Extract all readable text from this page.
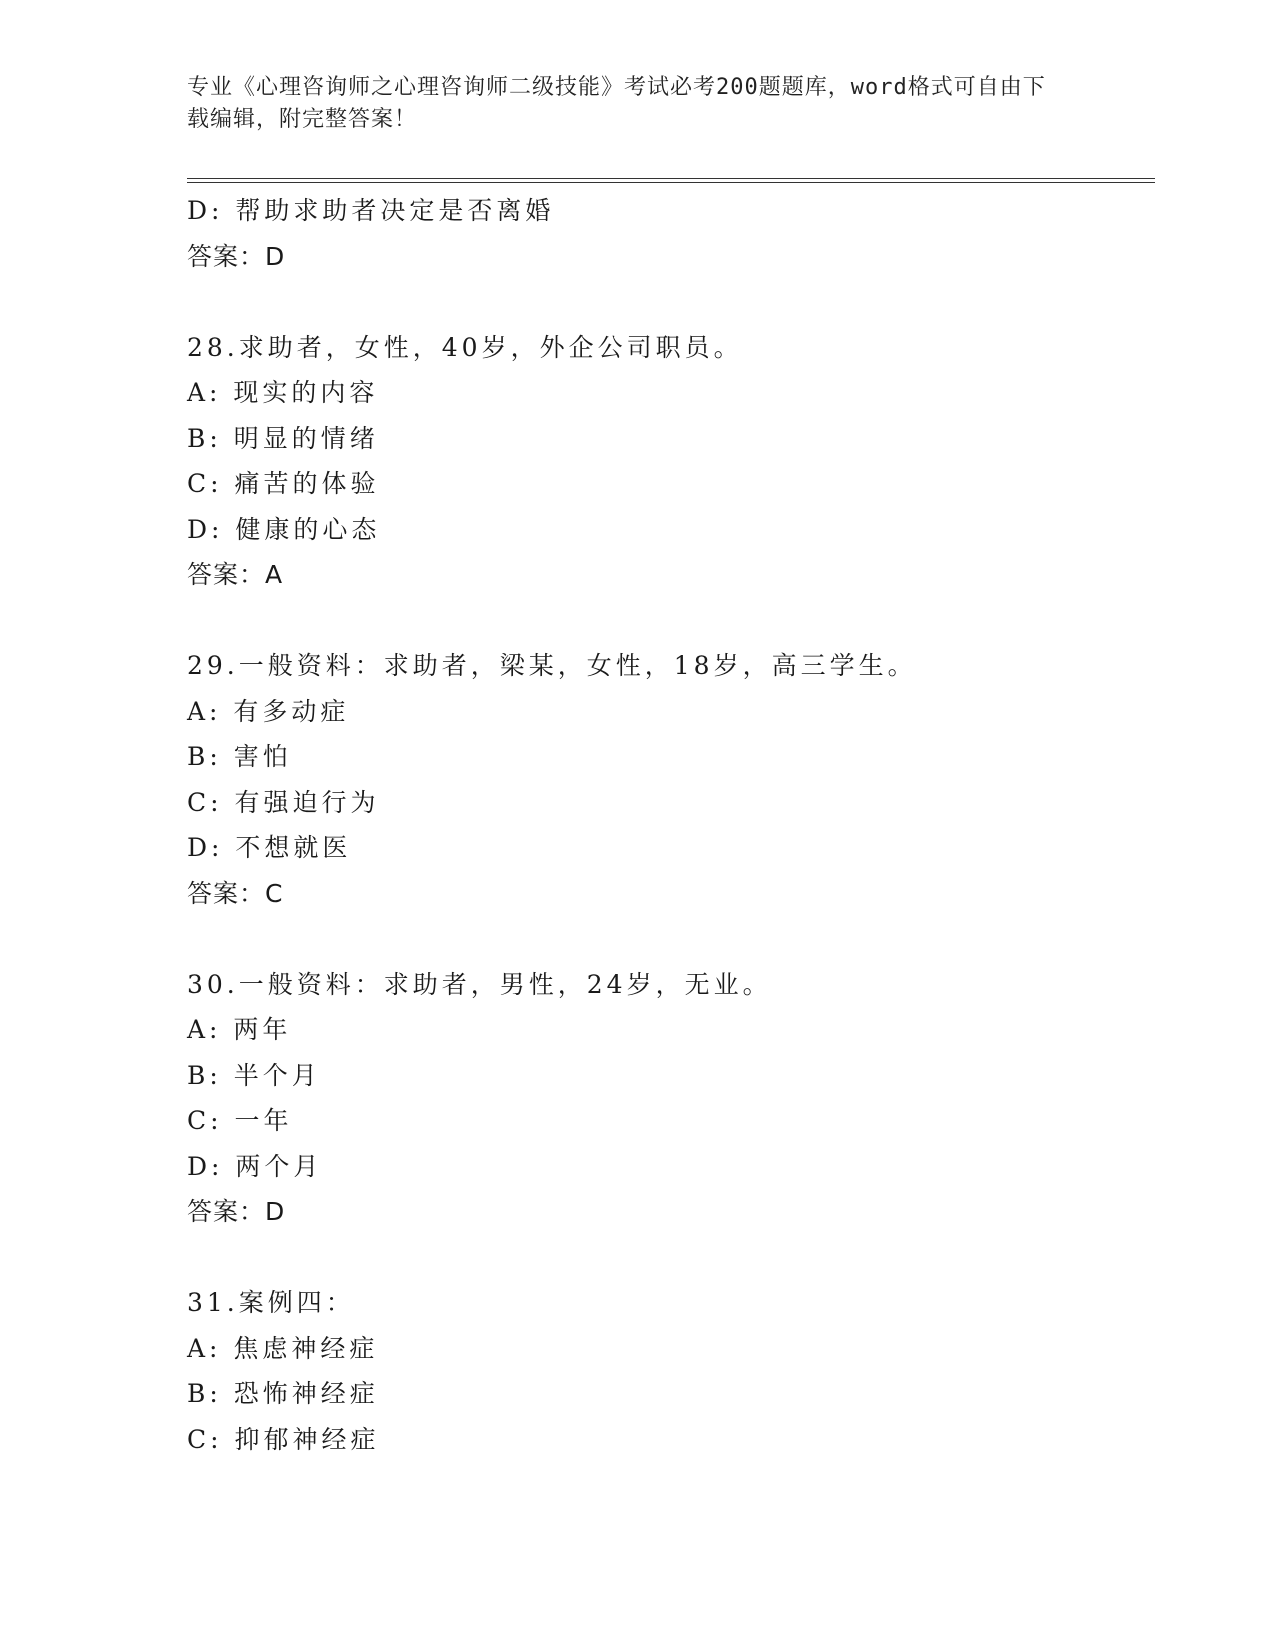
专业《心理咨询师之心理咨询师二级技能》考试必考200题题库，word格式可自由下载编辑，附完整答案！
D: 帮助求助者决定是否离婚
答案：D
28.求助者，女性，40岁，外企公司职员。
A: 现实的内容
B: 明显的情绪
C: 痛苦的体验
D: 健康的心态
答案：A
29.一般资料：求助者，梁某，女性，18岁，高三学生。
A: 有多动症
B: 害怕
C: 有强迫行为
D: 不想就医
答案：C
30.一般资料：求助者，男性，24岁，无业。
A: 两年
B: 半个月
C: 一年
D: 两个月
答案：D
31.案例四：
A: 焦虑神经症
B: 恐怖神经症
C: 抑郁神经症
